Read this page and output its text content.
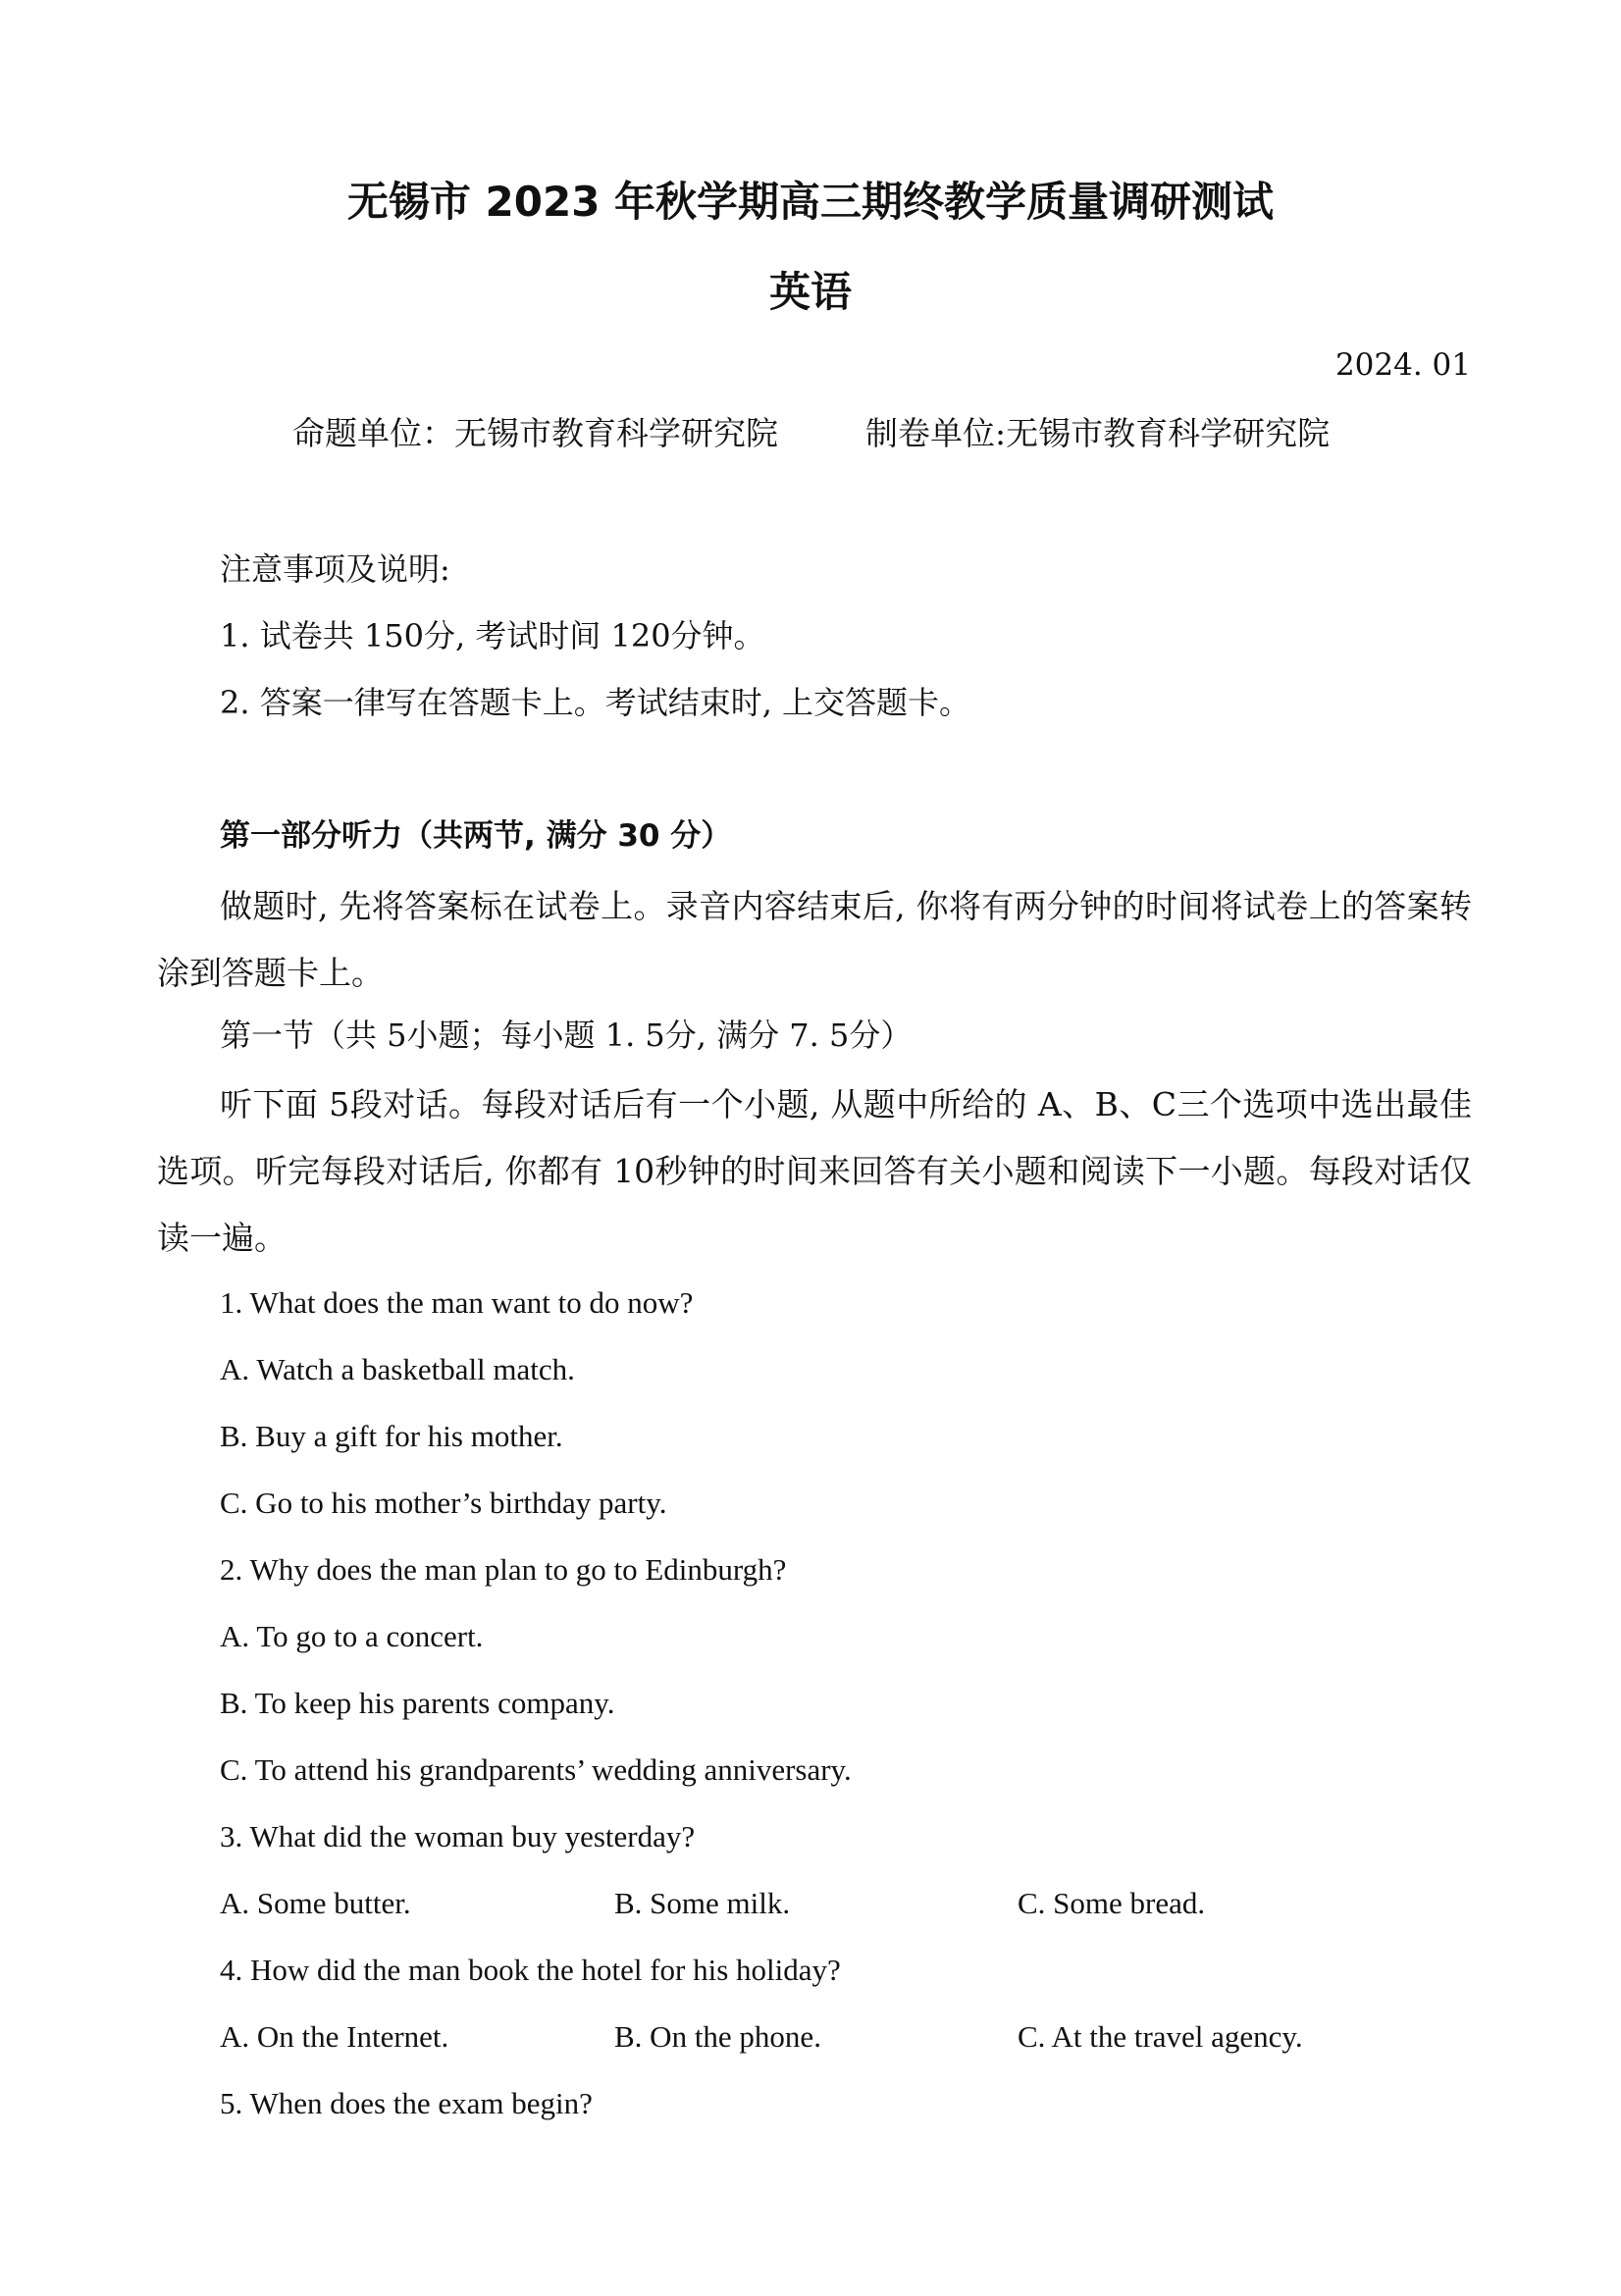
无锡市 2023 年秋学期高三期终教学质量调研测试
英语
2024. 01
命题单位：无锡市教育科学研究院	制卷单位:无锡市教育科学研究院
注意事项及说明:
1. 试卷共 150分, 考试时间 120分钟。
2. 答案一律写在答题卡上。考试结束时, 上交答题卡。
第一部分听力（共两节, 满分 30 分）
做题时, 先将答案标在试卷上。录音内容结束后, 你将有两分钟的时间将试卷上的答案转涂到答题卡上。
第一节（共 5小题；每小题 1. 5分, 满分 7. 5分）
听下面 5段对话。每段对话后有一个小题, 从题中所给的 A、B、C三个选项中选出最佳选项。听完每段对话后, 你都有 10秒钟的时间来回答有关小题和阅读下一小题。每段对话仅读一遍。
1. What does the man want to do now?
A. Watch a basketball match.
B. Buy a gift for his mother.
C. Go to his mother’s birthday party.
2. Why does the man plan to go to Edinburgh?
A. To go to a concert.
B. To keep his parents company.
C. To attend his grandparents’ wedding anniversary.
3. What did the woman buy yesterday?
A. Some butter.	B. Some milk.	C. Some bread.
4. How did the man book the hotel for his holiday?
A. On the Internet.	B. On the phone.	C. At the travel agency.
5. When does the exam begin?
